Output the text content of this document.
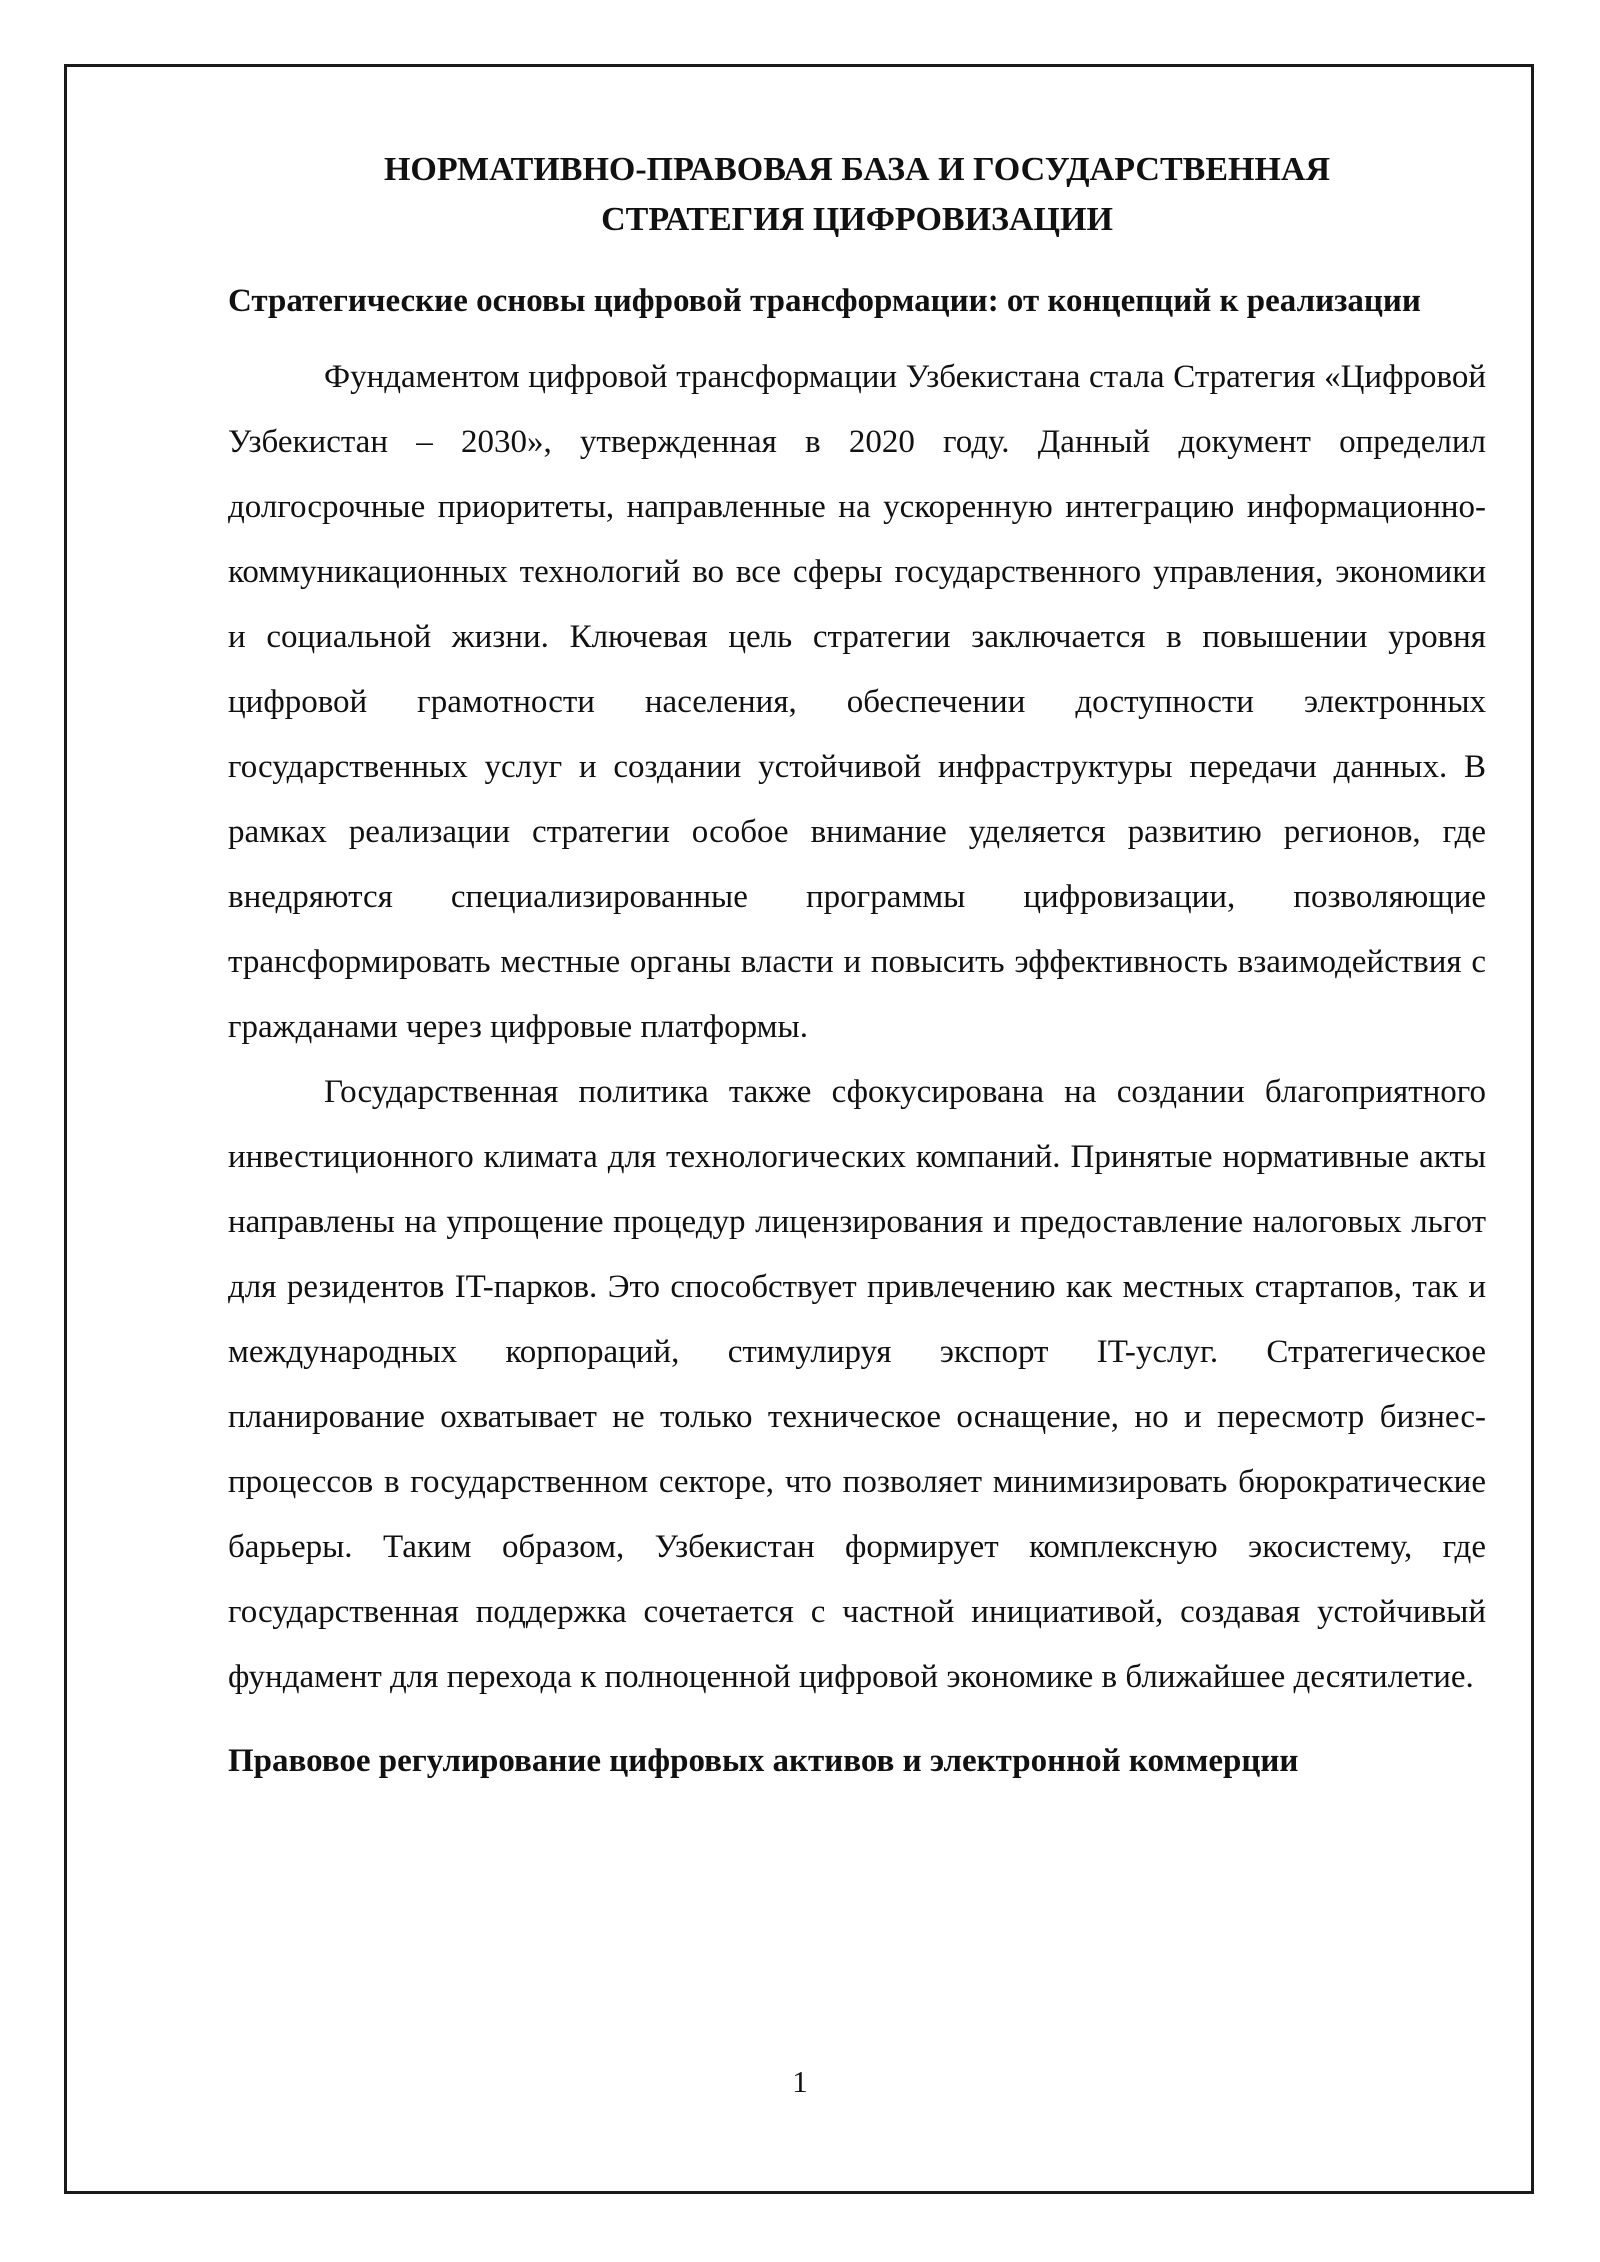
НОРМАТИВНО-ПРАВОВАЯ БАЗА И ГОСУДАРСТВЕННАЯ
СТРАТЕГИЯ ЦИФРОВИЗАЦИИ
Стратегические основы цифровой трансформации: от концепций к реализации

Фундаментом цифровой трансформации Узбекистана стала Стратегия «Цифровой Узбекистан – 2030», утвержденная в 2020 году. Данный документ определил долгосрочные приоритеты, направленные на ускоренную интеграцию информационно-коммуникационных технологий во все сферы государственного управления, экономики и социальной жизни. Ключевая цель стратегии заключается в повышении уровня цифровой грамотности населения, обеспечении доступности электронных государственных услуг и создании устойчивой инфраструктуры передачи данных. В рамках реализации стратегии особое внимание уделяется развитию регионов, где внедряются специализированные программы цифровизации, позволяющие трансформировать местные органы власти и повысить эффективность взаимодействия с гражданами через цифровые платформы.

Государственная политика также сфокусирована на создании благоприятного инвестиционного климата для технологических компаний. Принятые нормативные акты направлены на упрощение процедур лицензирования и предоставление налоговых льгот для резидентов IT-парков. Это способствует привлечению как местных стартапов, так и международных корпораций, стимулируя экспорт IT-услуг. Стратегическое планирование охватывает не только техническое оснащение, но и пересмотр бизнес-процессов в государственном секторе, что позволяет минимизировать бюрократические барьеры. Таким образом, Узбекистан формирует комплексную экосистему, где государственная поддержка сочетается с частной инициативой, создавая устойчивый фундамент для перехода к полноценной цифровой экономике в ближайшее десятилетие.

Правовое регулирование цифровых активов и электронной коммерции
1
